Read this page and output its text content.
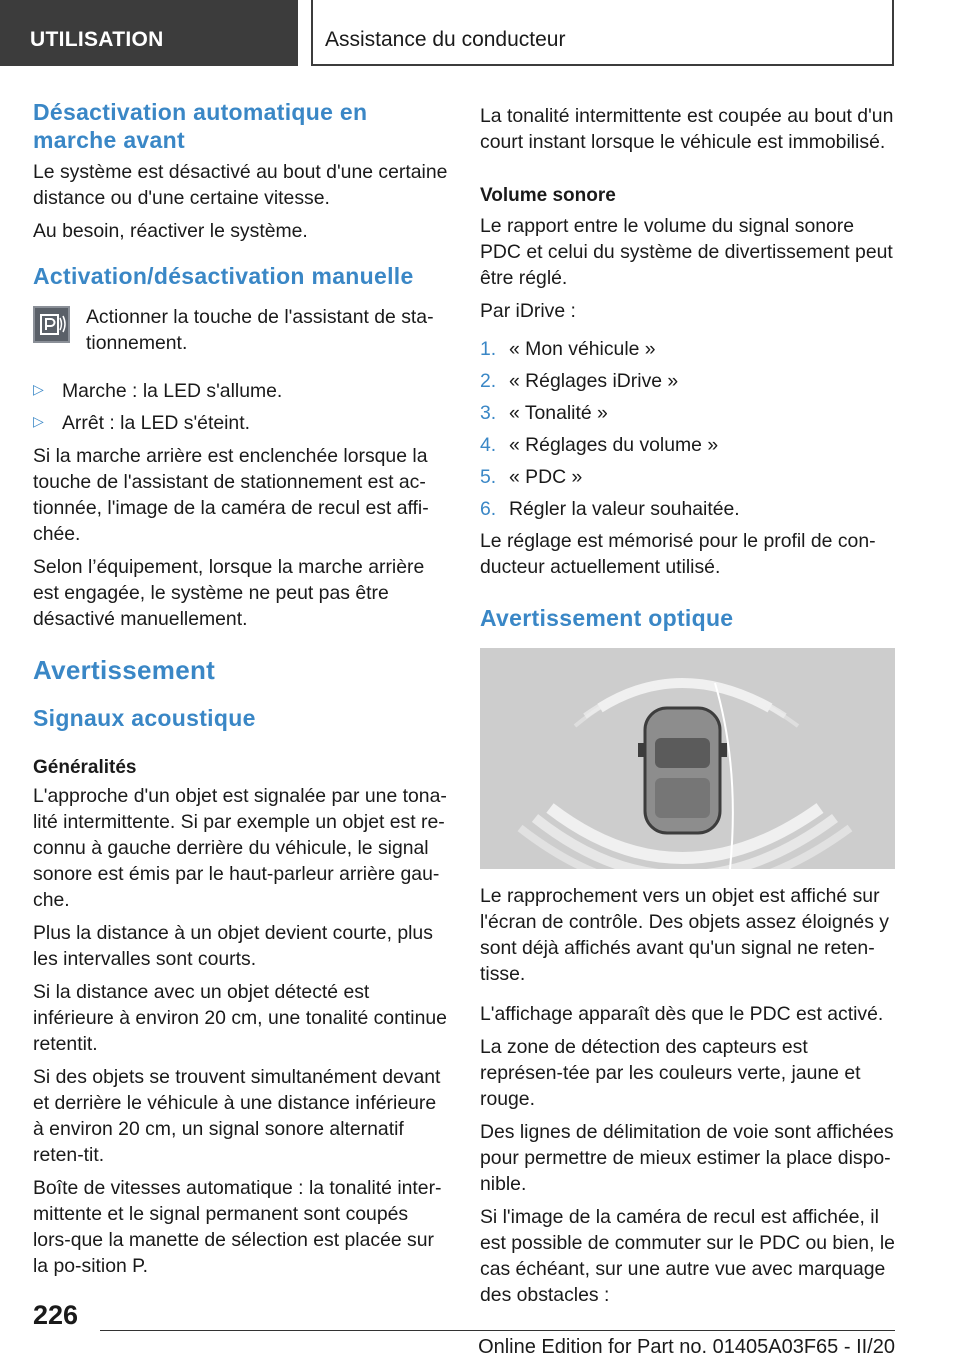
UTILISATION	Assistance du conducteur
Désactivation automatique en marche avant

Le système est désactivé au bout d'une certaine distance ou d'une certaine vitesse.

Au besoin, réactiver le système.

Activation/désactivation manuelle
Actionner la touche de l'assistant de sta-tionnement.
▷ Marche : la LED s'allume.
▷ Arrêt : la LED s'éteint.

Si la marche arrière est enclenchée lorsque la touche de l'assistant de stationnement est ac-tionnée, l'image de la caméra de recul est affi-chée.

Selon l’équipement, lorsque la marche arrière est engagée, le système ne peut pas être désactivé manuellement.

Avertissement
Signaux acoustique
Généralités

L'approche d'un objet est signalée par une tona-lité intermittente. Si par exemple un objet est re-connu à gauche derrière du véhicule, le signal sonore est émis par le haut-parleur arrière gau-che.

Plus la distance à un objet devient courte, plus les intervalles sont courts.

Si la distance avec un objet détecté est inférieure à environ 20 cm, une tonalité continue retentit.

Si des objets se trouvent simultanément devant et derrière le véhicule à une distance inférieure à environ 20 cm, un signal sonore alternatif reten-tit.

Boîte de vitesses automatique : la tonalité inter-mittente et le signal permanent sont coupés lors-que la manette de sélection est placée sur la po-sition P.

La tonalité intermittente est coupée au bout d'un court instant lorsque le véhicule est immobilisé.

Volume sonore

Le rapport entre le volume du signal sonore PDC et celui du système de divertissement peut être réglé.

Par iDrive :

1. « Mon véhicule »
2. « Réglages iDrive »
3. « Tonalité »
4. « Réglages du volume »
5. « PDC »
6. Régler la valeur souhaitée.

Le réglage est mémorisé pour le profil de con-ducteur actuellement utilisé.

Avertissement optique

Le rapprochement vers un objet est affiché sur l'écran de contrôle. Des objets assez éloignés y sont déjà affichés avant qu'un signal ne reten-tisse.

L'affichage apparaît dès que le PDC est activé.

La zone de détection des capteurs est représen-tée par les couleurs verte, jaune et rouge.

Des lignes de délimitation de voie sont affichées pour permettre de mieux estimer la place dispo-nible.

Si l'image de la caméra de recul est affichée, il est possible de commuter sur le PDC ou bien, le cas échéant, sur une autre vue avec marquage des obstacles :

226
Online Edition for Part no. 01405A03F65 - II/20
